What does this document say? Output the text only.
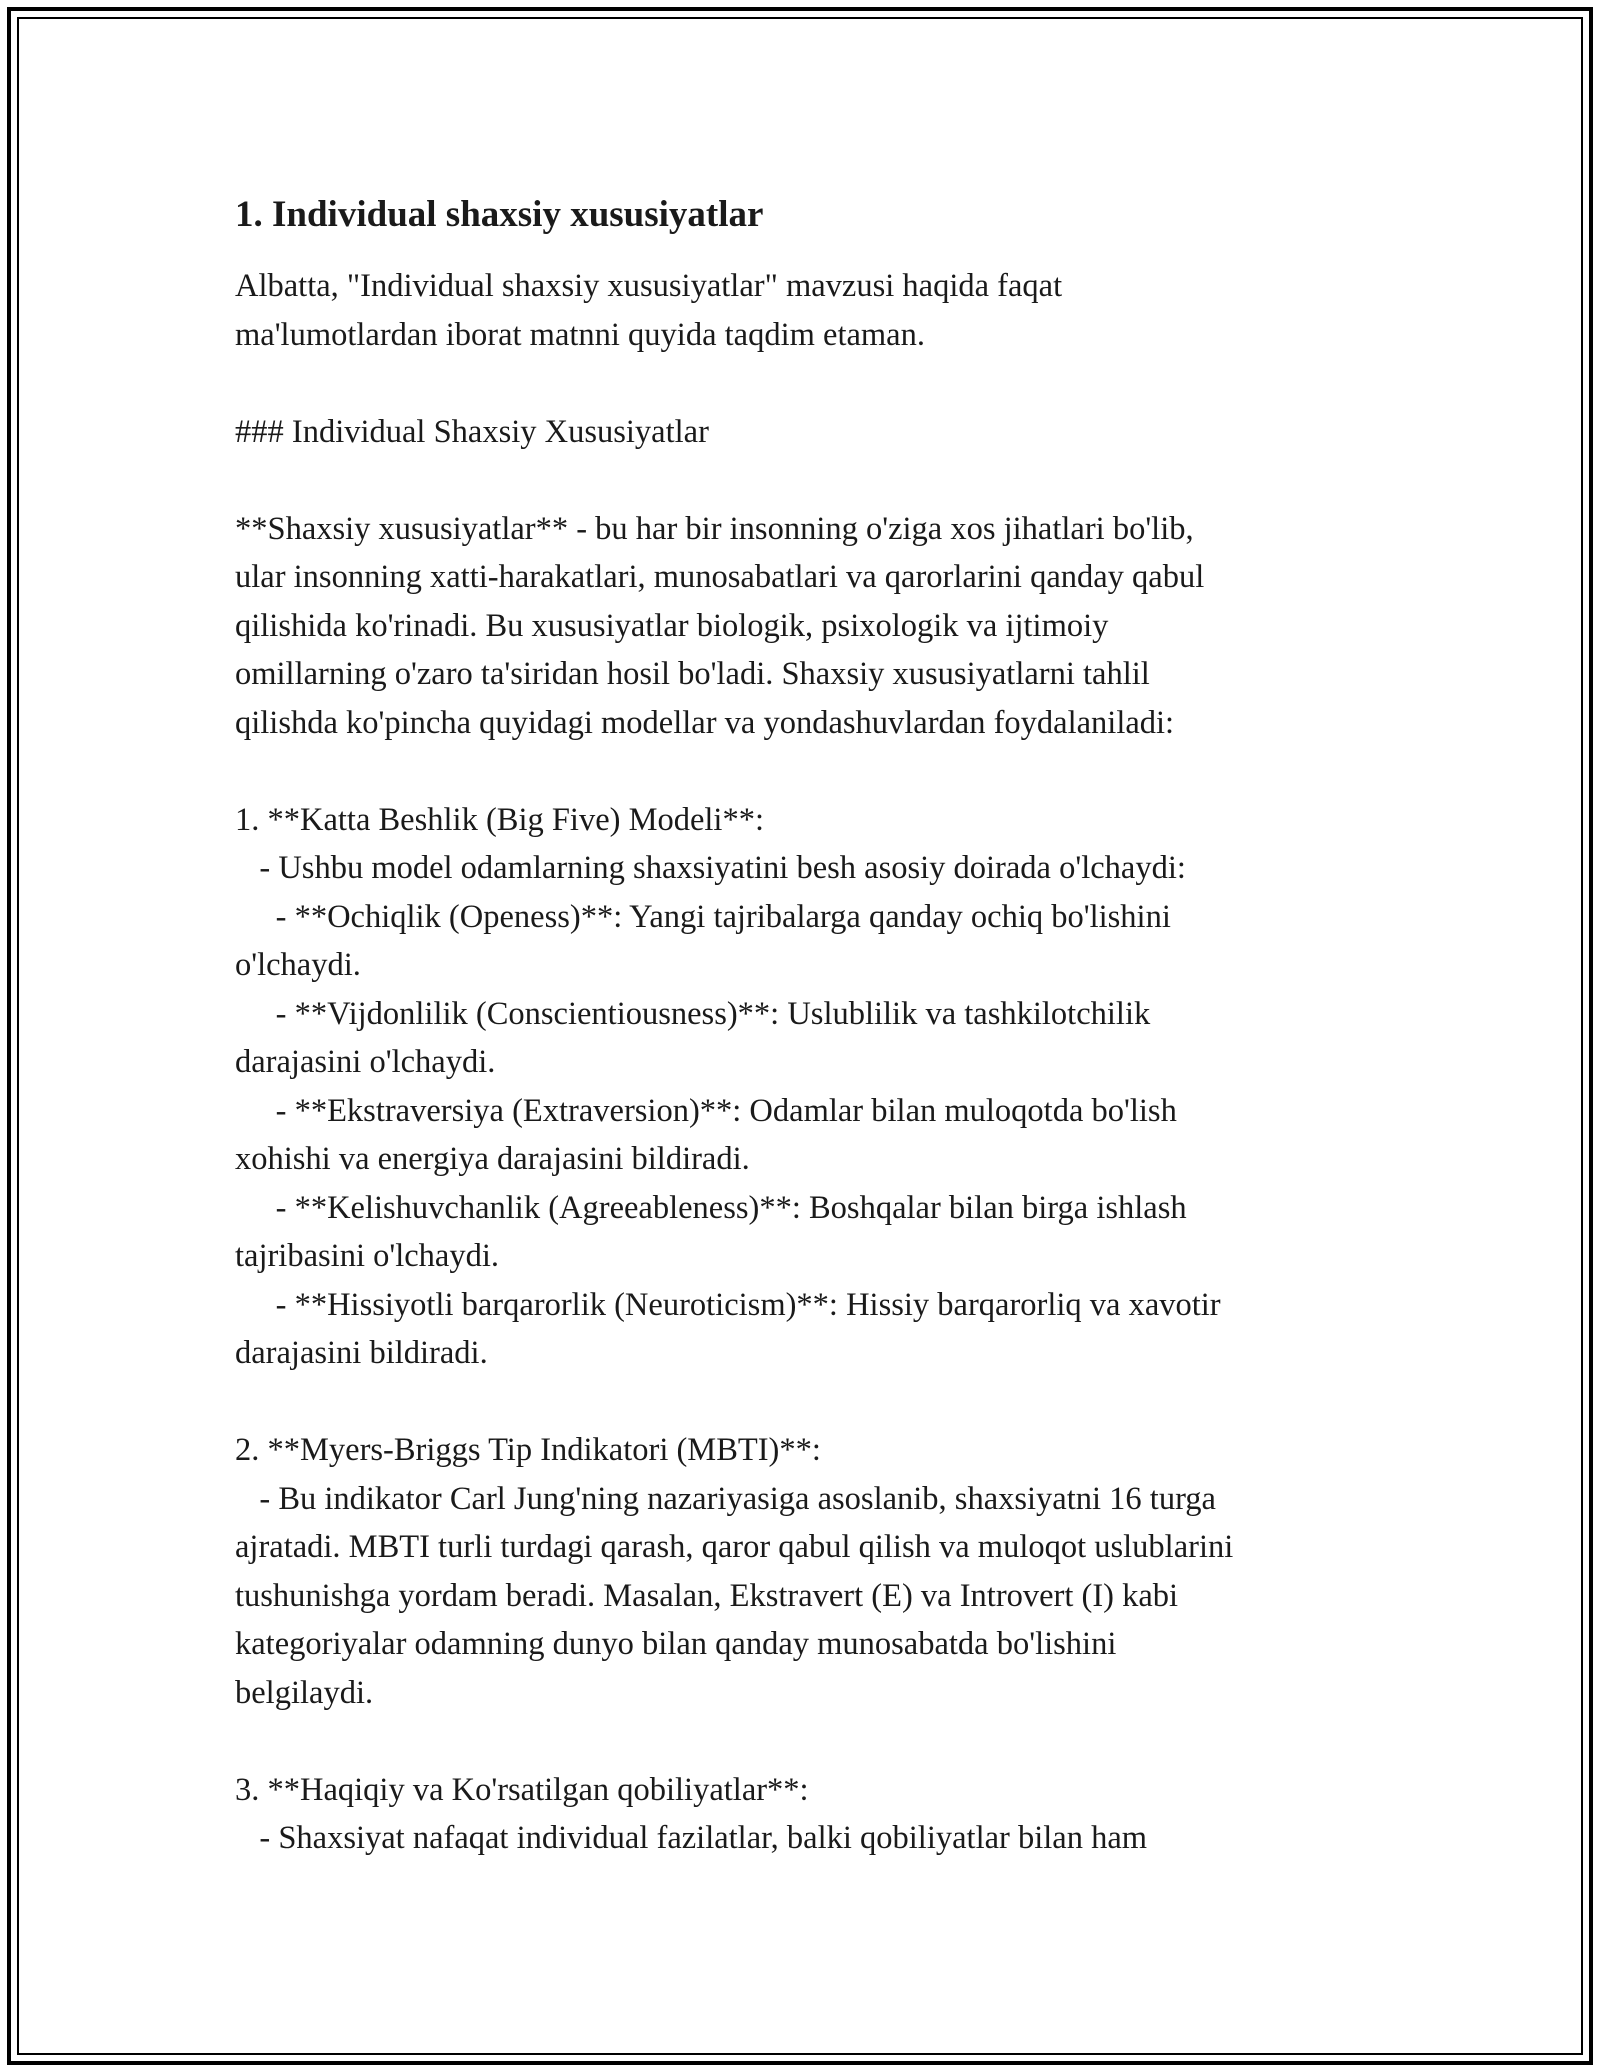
1. Individual shaxsiy xususiyatlar
Albatta, "Individual shaxsiy xususiyatlar" mavzusi haqida faqat
ma'lumotlardan iborat matnni quyida taqdim etaman.
### Individual Shaxsiy Xususiyatlar
**Shaxsiy xususiyatlar** - bu har bir insonning o'ziga xos jihatlari bo'lib,
ular insonning xatti-harakatlari, munosabatlari va qarorlarini qanday qabul
qilishida ko'rinadi. Bu xususiyatlar biologik, psixologik va ijtimoiy
omillarning o'zaro ta'siridan hosil bo'ladi. Shaxsiy xususiyatlarni tahlil
qilishda ko'pincha quyidagi modellar va yondashuvlardan foydalaniladi:
1. **Katta Beshlik (Big Five) Modeli**:
- Ushbu model odamlarning shaxsiyatini besh asosiy doirada o'lchaydi:
- **Ochiqlik (Openess)**: Yangi tajribalarga qanday ochiq bo'lishini
o'lchaydi.
- **Vijdonlilik (Conscientiousness)**: Uslublilik va tashkilotchilik
darajasini o'lchaydi.
- **Ekstraversiya (Extraversion)**: Odamlar bilan muloqotda bo'lish
xohishi va energiya darajasini bildiradi.
- **Kelishuvchanlik (Agreeableness)**: Boshqalar bilan birga ishlash
tajribasini o'lchaydi.
- **Hissiyotli barqarorlik (Neuroticism)**: Hissiy barqarorliq va xavotir
darajasini bildiradi.
2. **Myers-Briggs Tip Indikatori (MBTI)**:
- Bu indikator Carl Jung'ning nazariyasiga asoslanib, shaxsiyatni 16 turga
ajratadi. MBTI turli turdagi qarash, qaror qabul qilish va muloqot uslublarini
tushunishga yordam beradi. Masalan, Ekstravert (E) va Introvert (I) kabi
kategoriyalar odamning dunyo bilan qanday munosabatda bo'lishini
belgilaydi.
3. **Haqiqiy va Ko'rsatilgan qobiliyatlar**:
- Shaxsiyat nafaqat individual fazilatlar, balki qobiliyatlar bilan ham
